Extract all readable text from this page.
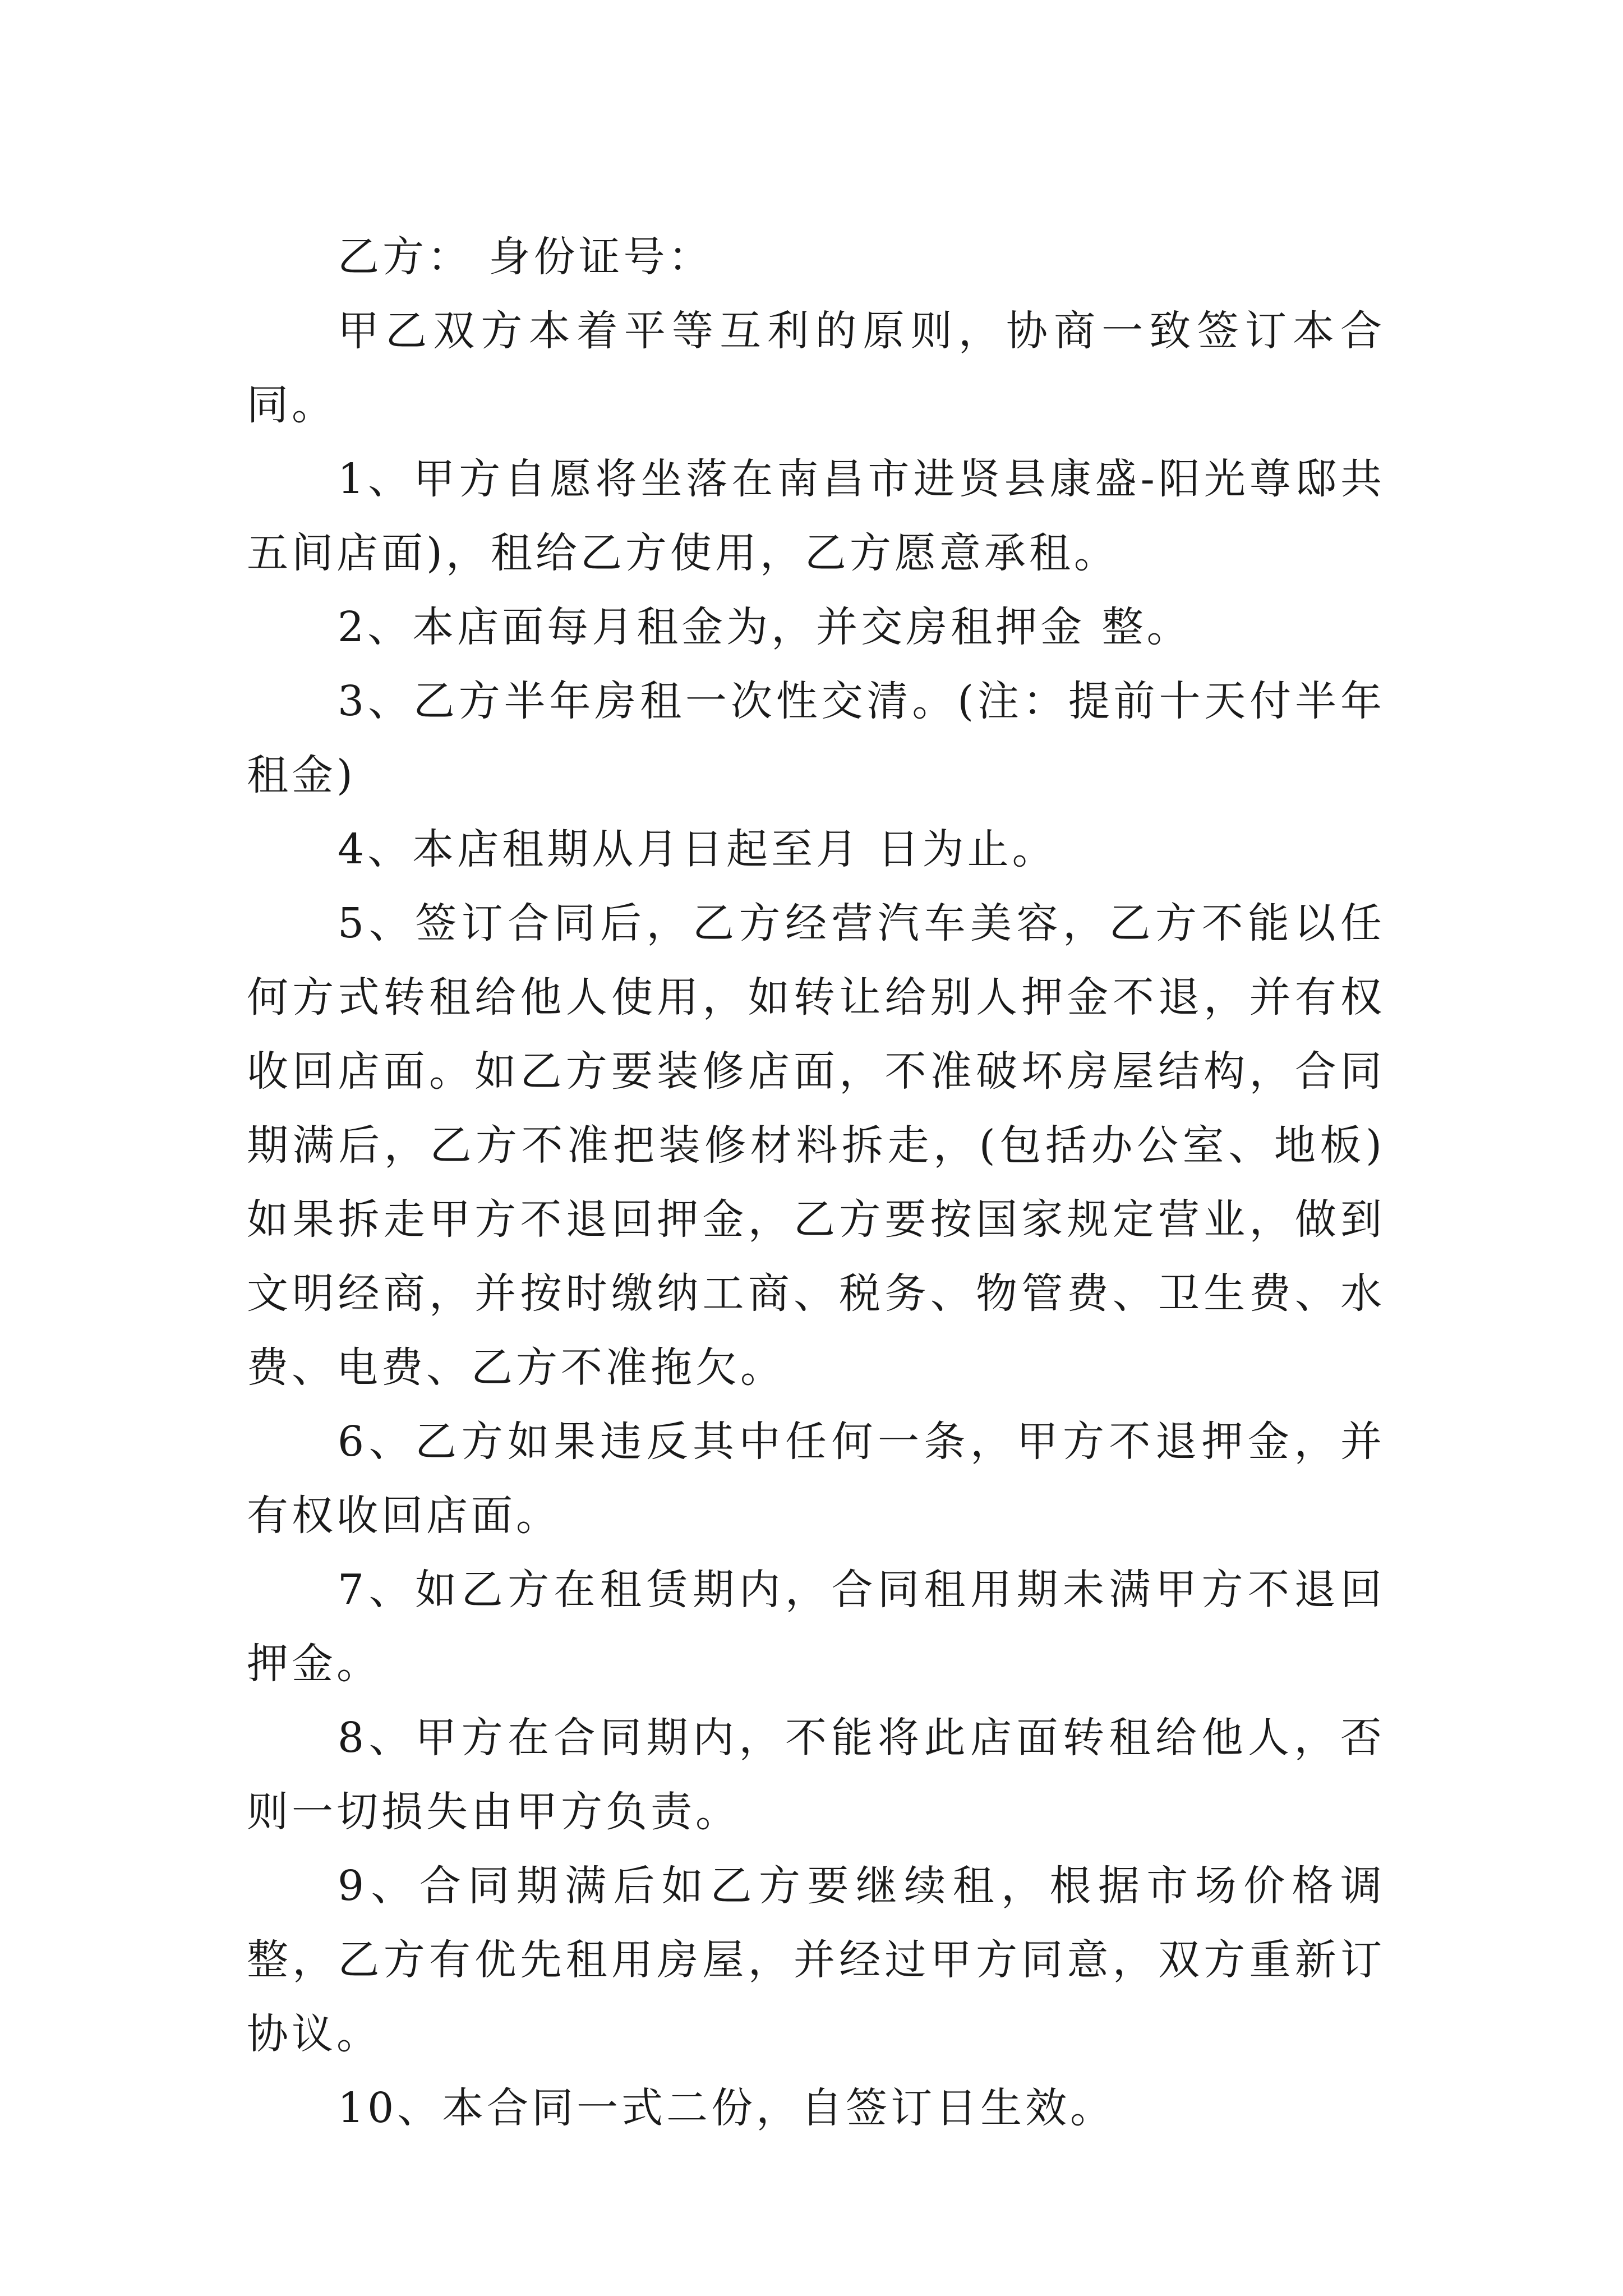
乙方： 身份证号：

甲乙双方本着平等互利的原则，协商一致签订本合同。

1、甲方自愿将坐落在南昌市进贤县康盛-阳光尊邸共五间店面)，租给乙方使用，乙方愿意承租。

2、本店面每月租金为，并交房租押金 整。

3、乙方半年房租一次性交清。(注：提前十天付半年租金)

4、本店租期从月日起至月 日为止。

5、签订合同后，乙方经营汽车美容，乙方不能以任何方式转租给他人使用，如转让给别人押金不退，并有权收回店面。如乙方要装修店面，不准破坏房屋结构，合同期满后，乙方不准把装修材料拆走，(包括办公室、地板)如果拆走甲方不退回押金，乙方要按国家规定营业，做到文明经商，并按时缴纳工商、税务、物管费、卫生费、水费、电费、乙方不准拖欠。

6、乙方如果违反其中任何一条，甲方不退押金，并有权收回店面。

7、如乙方在租赁期内，合同租用期未满甲方不退回押金。

8、甲方在合同期内，不能将此店面转租给他人，否则一切损失由甲方负责。

9、合同期满后如乙方要继续租，根据市场价格调整，乙方有优先租用房屋，并经过甲方同意，双方重新订协议。

10、本合同一式二份，自签订日生效。
